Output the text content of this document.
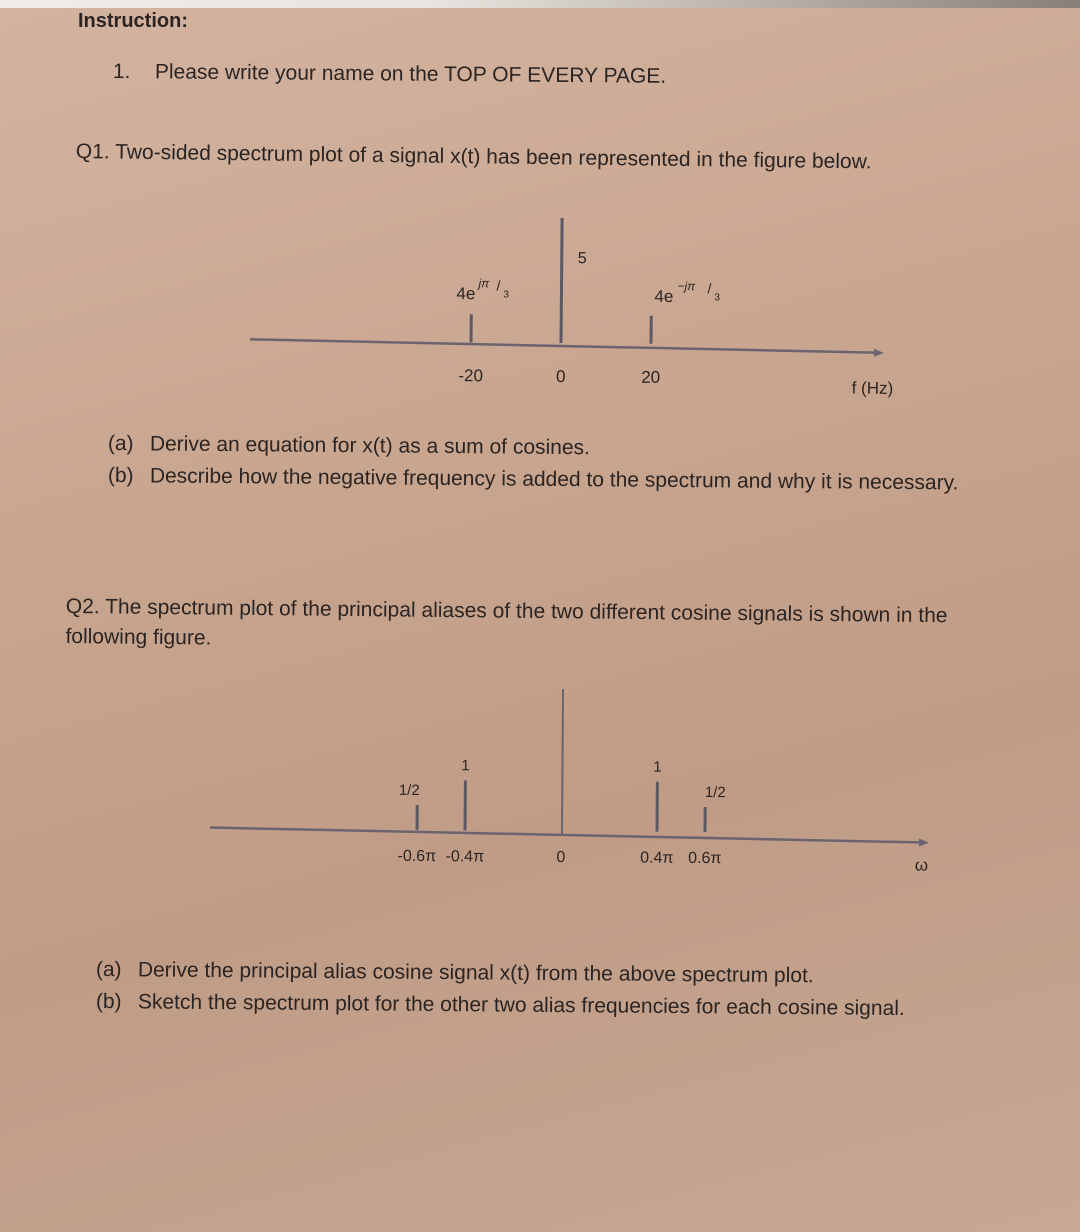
Instruction:
1. Please write your name on the TOP OF EVERY PAGE.
Q1. Two-sided spectrum plot of a signal x(t) has been represented in the figure below.
4e
jπ /
3
5
4e
−jπ /
3
-20	0	20
f (Hz)
(a) Derive an equation for x(t) as a sum of cosines.
(b) Describe how the negative frequency is added to the spectrum and why it is necessary.
Q2. The spectrum plot of the principal aliases of the two different cosine signals is shown in the following figure.
1/2
1	1
1/2
-0.6π -0.4π	0	0.4π 0.6π	ω
(a) Derive the principal alias cosine signal x(t) from the above spectrum plot.
(b) Sketch the spectrum plot for the other two alias frequencies for each cosine signal.
